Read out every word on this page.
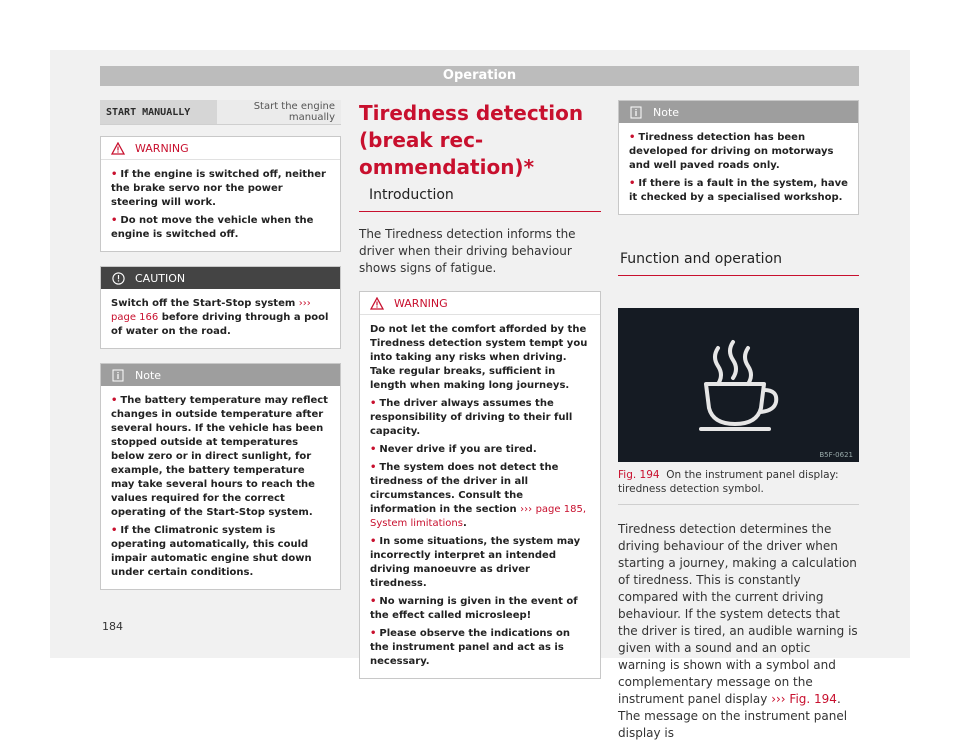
Operation
START MANUALLY	Start the engine manually
WARNING

• If the engine is switched off, neither the brake servo nor the power steering will work.

• Do not move the vehicle when the engine is switched off.

CAUTION

Switch off the Start-Stop system ››› page 166 before driving through a pool of water on the road.

Note

• The battery temperature may reflect changes in outside temperature after several hours. If the vehicle has been stopped outside at temperatures below zero or in direct sunlight, for example, the battery temperature may take several hours to reach the values required for the correct operating of the Start-Stop system.

• If the Climatronic system is operating automatically, this could impair automatic engine shut down under certain conditions.

Tiredness detection (break rec-
ommendation)*
Introduction

The Tiredness detection informs the driver when their driving behaviour shows signs of fatigue.

WARNING

Do not let the comfort afforded by the Tiredness detection system tempt you into taking any risks when driving. Take regular breaks, sufficient in length when making long journeys.

• The driver always assumes the responsibility of driving to their full capacity.

• Never drive if you are tired.

• The system does not detect the tiredness of the driver in all circumstances. Consult the information in the section ››› page 185, System limitations.

• In some situations, the system may incorrectly interpret an intended driving manoeuvre as driver tiredness.

• No warning is given in the event of the effect called microsleep!

• Please observe the indications on the instrument panel and act as is necessary.

Note

• Tiredness detection has been developed for driving on motorways and well paved roads only.

• If there is a fault in the system, have it checked by a specialised workshop.

Function and operation
B5F-0621
Fig. 194 On the instrument panel display: tiredness detection symbol.

Tiredness detection determines the driving behaviour of the driver when starting a journey, making a calculation of tiredness. This is constantly compared with the current driving behaviour. If the system detects that the driver is tired, an audible warning is given with a sound and an optic warning is shown with a symbol and complementary message on the instrument panel display ››› Fig. 194. The message on the instrument panel display is

184
